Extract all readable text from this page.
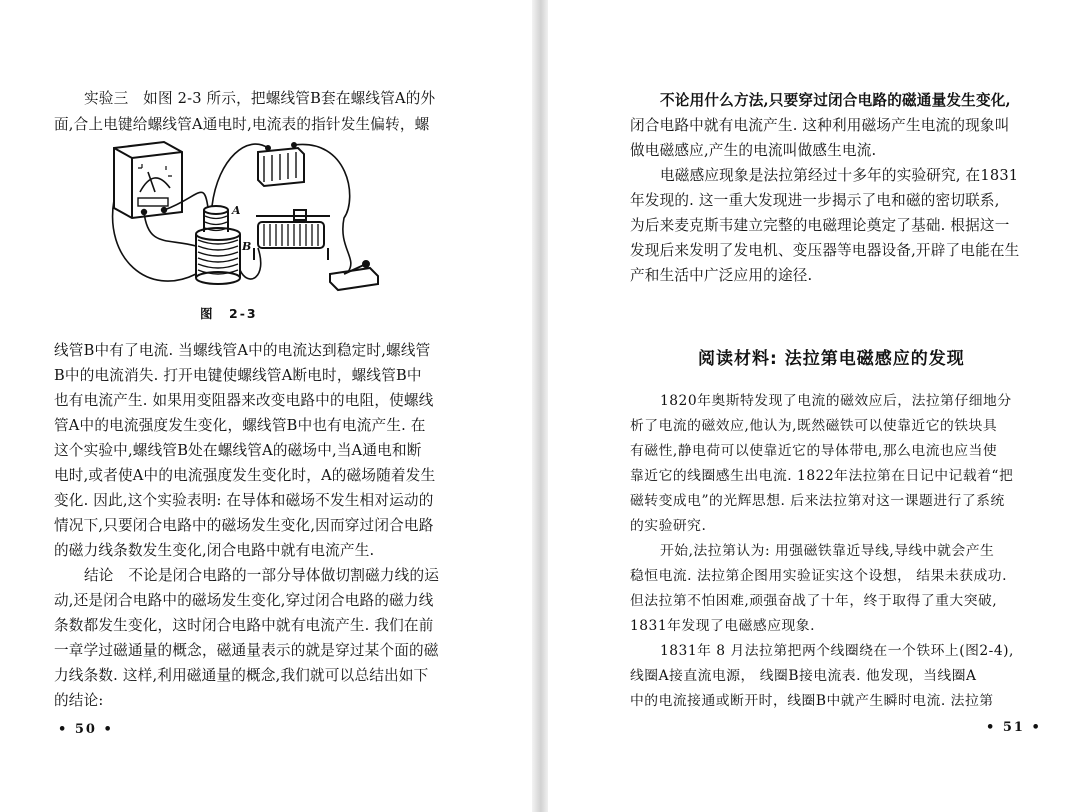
实验三　如图 2-3 所示，把螺线管B套在螺线管A的外

面,合上电键给螺线管A通电时,电流表的指针发生偏转，螺

A
B
图　2-3

线管B中有了电流. 当螺线管A中的电流达到稳定时,螺线管

B中的电流消失. 打开电键使螺线管A断电时，螺线管B中

也有电流产生. 如果用变阻器来改变电路中的电阻，使螺线

管A中的电流强度发生变化，螺线管B中也有电流产生. 在

这个实验中,螺线管B处在螺线管A的磁场中,当A通电和断

电时,或者使A中的电流强度发生变化时，A的磁场随着发生

变化. 因此,这个实验表明: 在导体和磁场不发生相对运动的

情况下,只要闭合电路中的磁场发生变化,因而穿过闭合电路

的磁力线条数发生变化,闭合电路中就有电流产生.

结论　不论是闭合电路的一部分导体做切割磁力线的运

动,还是闭合电路中的磁场发生变化,穿过闭合电路的磁力线

条数都发生变化，这时闭合电路中就有电流产生. 我们在前

一章学过磁通量的概念，磁通量表示的就是穿过某个面的磁

力线条数. 这样,利用磁通量的概念,我们就可以总结出如下

的结论:

• 50 •

不论用什么方法,只要穿过闭合电路的磁通量发生变化,

闭合电路中就有电流产生. 这种利用磁场产生电流的现象叫

做电磁感应,产生的电流叫做感生电流.

电磁感应现象是法拉第经过十多年的实验研究, 在1831

年发现的. 这一重大发现进一步揭示了电和磁的密切联系,

为后来麦克斯韦建立完整的电磁理论奠定了基础. 根据这一

发现后来发明了发电机、变压器等电器设备,开辟了电能在生

产和生活中广泛应用的途径.

阅读材料: 法拉第电磁感应的发现

1820年奥斯特发现了电流的磁效应后，法拉第仔细地分

析了电流的磁效应,他认为,既然磁铁可以使靠近它的铁块具

有磁性,静电荷可以使靠近它的导体带电,那么电流也应当使

靠近它的线圈感生出电流. 1822年法拉第在日记中记载着“把

磁转变成电”的光辉思想. 后来法拉第对这一课题进行了系统

的实验研究.

开始,法拉第认为: 用强磁铁靠近导线,导线中就会产生

稳恒电流. 法拉第企图用实验证实这个设想， 结果未获成功.

但法拉第不怕困难,顽强奋战了十年，终于取得了重大突破,

1831年发现了电磁感应现象.

1831年 8 月法拉第把两个线圈绕在一个铁环上(图2-4),

线圈A接直流电源， 线圈B接电流表. 他发现，当线圈A

中的电流接通或断开时，线圈B中就产生瞬时电流. 法拉第

• 51 •
